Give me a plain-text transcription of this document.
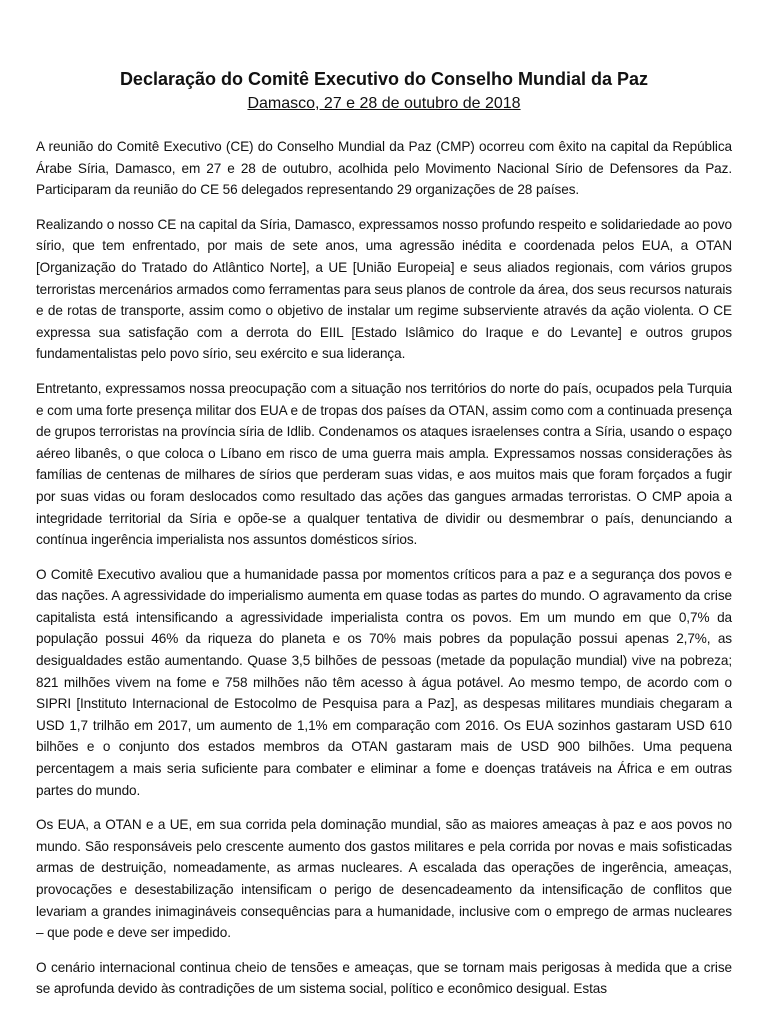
Declaração do Comitê Executivo do Conselho Mundial da Paz
Damasco, 27 e 28 de outubro de 2018

A reunião do Comitê Executivo (CE) do Conselho Mundial da Paz (CMP) ocorreu com êxito na capital da República Árabe Síria, Damasco, em 27 e 28 de outubro, acolhida pelo Movimento Nacional Sírio de Defensores da Paz. Participaram da reunião do CE 56 delegados representando 29 organizações de 28 países.

Realizando o nosso CE na capital da Síria, Damasco, expressamos nosso profundo respeito e solidariedade ao povo sírio, que tem enfrentado, por mais de sete anos, uma agressão inédita e coordenada pelos EUA, a OTAN [Organização do Tratado do Atlântico Norte], a UE [União Europeia] e seus aliados regionais, com vários grupos terroristas mercenários armados como ferramentas para seus planos de controle da área, dos seus recursos naturais e de rotas de transporte, assim como o objetivo de instalar um regime subserviente através da ação violenta. O CE expressa sua satisfação com a derrota do EIIL [Estado Islâmico do Iraque e do Levante] e outros grupos fundamentalistas pelo povo sírio, seu exército e sua liderança.

Entretanto, expressamos nossa preocupação com a situação nos territórios do norte do país, ocupados pela Turquia e com uma forte presença militar dos EUA e de tropas dos países da OTAN, assim como com a continuada presença de grupos terroristas na província síria de Idlib. Condenamos os ataques israelenses contra a Síria, usando o espaço aéreo libanês, o que coloca o Líbano em risco de uma guerra mais ampla. Expressamos nossas considerações às famílias de centenas de milhares de sírios que perderam suas vidas, e aos muitos mais que foram forçados a fugir por suas vidas ou foram deslocados como resultado das ações das gangues armadas terroristas. O CMP apoia a integridade territorial da Síria e opõe-se a qualquer tentativa de dividir ou desmembrar o país, denunciando a contínua ingerência imperialista nos assuntos domésticos sírios.

O Comitê Executivo avaliou que a humanidade passa por momentos críticos para a paz e a segurança dos povos e das nações. A agressividade do imperialismo aumenta em quase todas as partes do mundo. O agravamento da crise capitalista está intensificando a agressividade imperialista contra os povos. Em um mundo em que 0,7% da população possui 46% da riqueza do planeta e os 70% mais pobres da população possui apenas 2,7%, as desigualdades estão aumentando. Quase 3,5 bilhões de pessoas (metade da população mundial) vive na pobreza; 821 milhões vivem na fome e 758 milhões não têm acesso à água potável. Ao mesmo tempo, de acordo com o SIPRI [Instituto Internacional de Estocolmo de Pesquisa para a Paz], as despesas militares mundiais chegaram a USD 1,7 trilhão em 2017, um aumento de 1,1% em comparação com 2016. Os EUA sozinhos gastaram USD 610 bilhões e o conjunto dos estados membros da OTAN gastaram mais de USD 900 bilhões. Uma pequena percentagem a mais seria suficiente para combater e eliminar a fome e doenças tratáveis na África e em outras partes do mundo.

Os EUA, a OTAN e a UE, em sua corrida pela dominação mundial, são as maiores ameaças à paz e aos povos no mundo. São responsáveis pelo crescente aumento dos gastos militares e pela corrida por novas e mais sofisticadas armas de destruição, nomeadamente, as armas nucleares. A escalada das operações de ingerência, ameaças, provocações e desestabilização intensificam o perigo de desencadeamento da intensificação de conflitos que levariam a grandes inimagináveis consequências para a humanidade, inclusive com o emprego de armas nucleares – que pode e deve ser impedido.

O cenário internacional continua cheio de tensões e ameaças, que se tornam mais perigosas à medida que a crise se aprofunda devido às contradições de um sistema social, político e econômico desigual. Estas
